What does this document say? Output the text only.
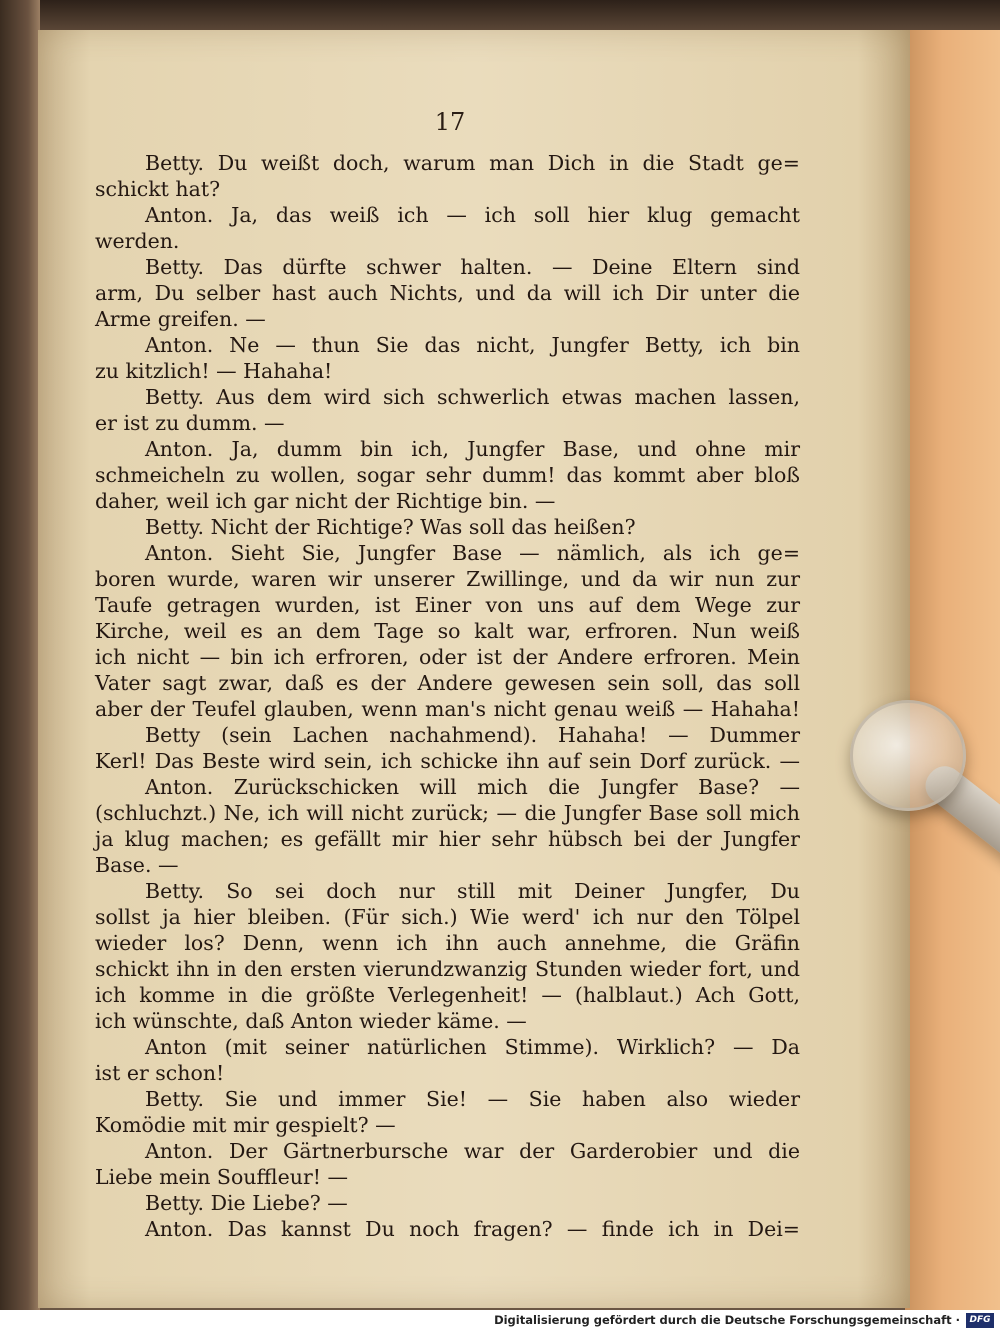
17
Betty. Du weißt doch, warum man Dich in die Stadt ge=
schickt hat?
Anton. Ja, das weiß ich — ich soll hier klug gemacht
werden.
Betty. Das dürfte schwer halten. — Deine Eltern sind
arm, Du selber hast auch Nichts, und da will ich Dir unter die
Arme greifen. —
Anton. Ne — thun Sie das nicht, Jungfer Betty, ich bin
zu kitzlich! — Hahaha!
Betty. Aus dem wird sich schwerlich etwas machen lassen,
er ist zu dumm. —
Anton. Ja, dumm bin ich, Jungfer Base, und ohne mir
schmeicheln zu wollen, sogar sehr dumm! das kommt aber bloß
daher, weil ich gar nicht der Richtige bin. —
Betty. Nicht der Richtige? Was soll das heißen?
Anton. Sieht Sie, Jungfer Base — nämlich, als ich ge=
boren wurde, waren wir unserer Zwillinge, und da wir nun zur
Taufe getragen wurden, ist Einer von uns auf dem Wege zur
Kirche, weil es an dem Tage so kalt war, erfroren. Nun weiß
ich nicht — bin ich erfroren, oder ist der Andere erfroren. Mein
Vater sagt zwar, daß es der Andere gewesen sein soll, das soll
aber der Teufel glauben, wenn man's nicht genau weiß — Hahaha!
Betty (sein Lachen nachahmend). Hahaha! — Dummer
Kerl! Das Beste wird sein, ich schicke ihn auf sein Dorf zurück. —
Anton. Zurückschicken will mich die Jungfer Base? —
(schluchzt.) Ne, ich will nicht zurück; — die Jungfer Base soll mich
ja klug machen; es gefällt mir hier sehr hübsch bei der Jungfer
Base. —
Betty. So sei doch nur still mit Deiner Jungfer, Du
sollst ja hier bleiben. (Für sich.) Wie werd' ich nur den Tölpel
wieder los? Denn, wenn ich ihn auch annehme, die Gräfin
schickt ihn in den ersten vierundzwanzig Stunden wieder fort, und
ich komme in die größte Verlegenheit! — (halblaut.) Ach Gott,
ich wünschte, daß Anton wieder käme. —
Anton (mit seiner natürlichen Stimme). Wirklich? — Da
ist er schon!
Betty. Sie und immer Sie! — Sie haben also wieder
Komödie mit mir gespielt? —
Anton. Der Gärtnerbursche war der Garderobier und die
Liebe mein Souffleur! —
Betty. Die Liebe? —
Anton. Das kannst Du noch fragen? — finde ich in Dei=
Digitalisierung gefördert durch die Deutsche Forschungsgemeinschaft ·	DFG
